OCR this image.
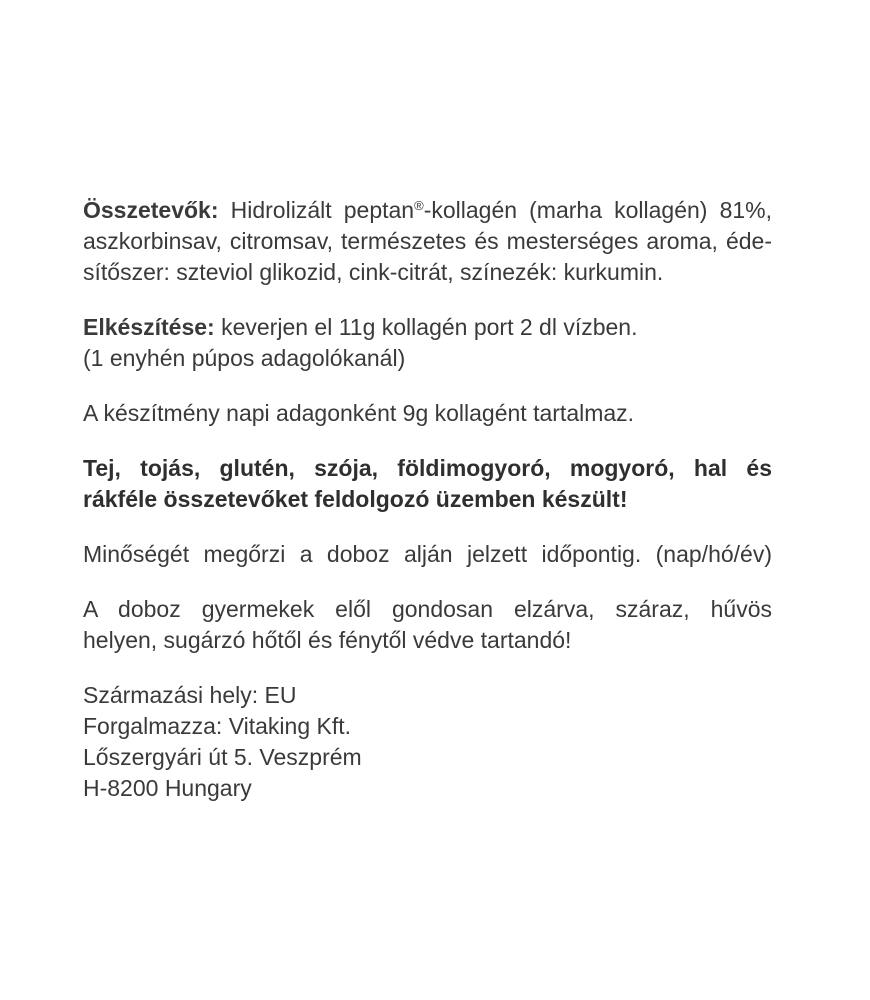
Összetevők: Hidrolizált peptan®-kollagén (marha kollagén) 81%,
aszkorbinsav, citromsav, természetes és mesterséges aroma, éde-
sítőszer: szteviol glikozid, cink-citrát, színezék: kurkumin.
Elkészítése: keverjen el 11g kollagén port 2 dl vízben.
(1 enyhén púpos adagolókanál)
A készítmény napi adagonként 9g kollagént tartalmaz.
Tej, tojás, glutén, szója, földimogyoró, mogyoró, hal és
rákféle összetevőket feldolgozó üzemben készült!
Minőségét megőrzi a doboz alján jelzett időpontig. (nap/hó/év)
A doboz gyermekek elől gondosan elzárva, száraz, hűvös
helyen, sugárzó hőtől és fénytől védve tartandó!
Származási hely: EU
Forgalmazza: Vitaking Kft.
Lőszergyári út 5. Veszprém
H-8200 Hungary
